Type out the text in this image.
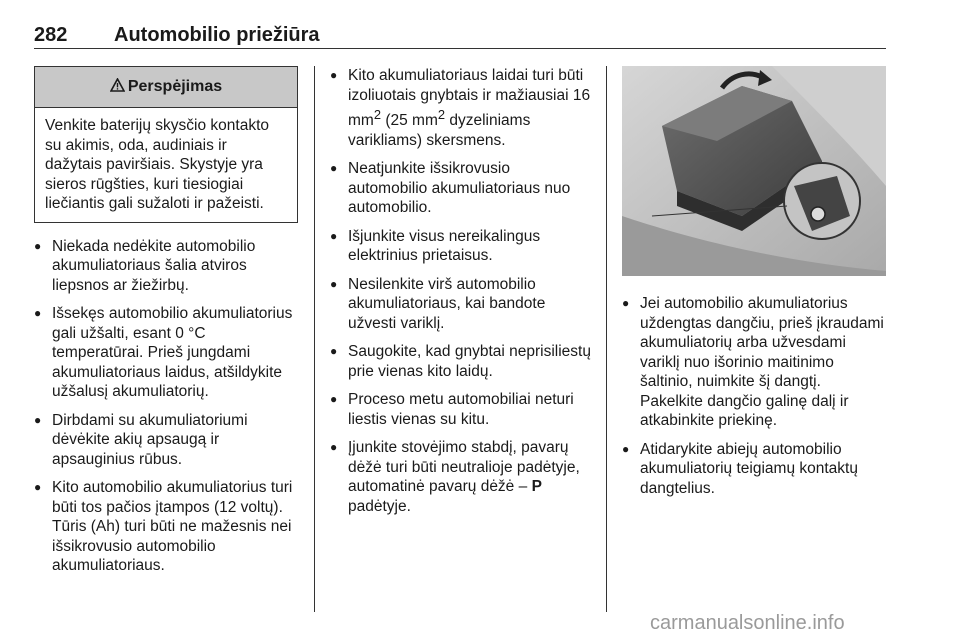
282 Automobilio priežiūra
Perspėjimas
Venkite baterijų skysčio kontakto su akimis, oda, audiniais ir dažytais paviršiais. Skystyje yra sieros rūgšties, kuri tiesiogiai liečiantis gali sužaloti ir pažeisti.
● Niekada nedėkite automobilio akumuliatoriaus šalia atviros liepsnos ar žiežirbų.
● Išsekęs automobilio akumuliatorius gali užšalti, esant 0 °C temperatūrai. Prieš jungdami akumuliatoriaus laidus, atšildykite užšalusį akumuliatorių.
● Dirbdami su akumuliatoriumi dėvėkite akių apsaugą ir apsauginius rūbus.
● Kito automobilio akumuliatorius turi būti tos pačios įtampos (12 voltų). Tūris (Ah) turi būti ne mažesnis nei išsikrovusio automobilio akumuliatoriaus.
● Kito akumuliatoriaus laidai turi būti izoliuotais gnybtais ir mažiausiai 16 $mm^2$ (25 $mm^2$ dyzeliniams varikliams) skersmens.
● Neatjunkite išsikrovusio automobilio akumuliatoriaus nuo automobilio.
● Išjunkite visus nereikalingus elektrinius prietaisus.
● Nesilenkite virš automobilio akumuliatoriaus, kai bandote užvesti variklį.
● Saugokite, kad gnybtai neprisiliestų prie vienas kito laidų.
● Proceso metu automobiliai neturi liestis vienas su kitu.
● Įjunkite stovėjimo stabdį, pavarų dėžė turi būti neutralioje padėtyje, automatinė pavarų dėžė – P padėtyje.
● Jei automobilio akumuliatorius uždengtas dangčiu, prieš įkraudami akumuliatorių arba užvesdami variklį nuo išorinio maitinimo šaltinio, nuimkite šį dangtį. Pakelkite dangčio galinę dalį ir atkabinkite priekinę.
● Atidarykite abiejų automobilio akumuliatorių teigiamų kontaktų dangtelius.
carmanualsonline.info
